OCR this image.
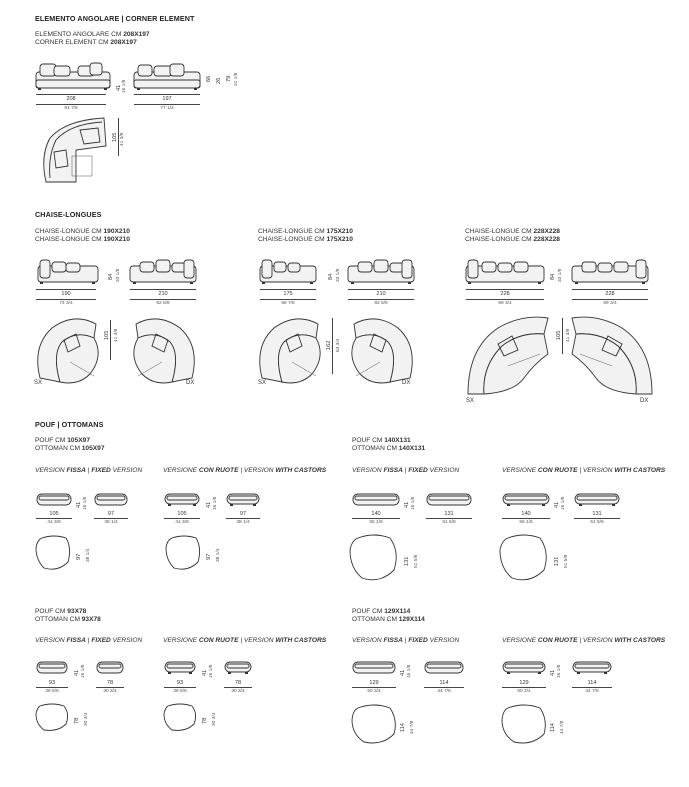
ELEMENTO ANGOLARE | CORNER ELEMENT
ELEMENTO ANGOLARE CM 208X197
CORNER ELEMENT CM 208X197
208
81 7/8
41 16 1/8
197
77 1/2
66 26 79 31 1/8
105 41 3/8
CHAISE-LONGUES
CHAISE-LONGUE CM 190X210
CHAISE-LONGUE CM 190X210
190
74 3/4
84 33 1/8
210
82 5/8
SX
105 41 3/8
DX
CHAISE-LONGUE CM 175X210
CHAISE-LONGUE CM 175X210
175
68 7/8
84 33 1/8
210
82 5/8
SX
162 63 3/4
DX
CHAISE-LONGUE CM 228X228
CHAISE-LONGUE CM 228X228
228
89 3/4
84 33 1/8
228
89 3/4
SX
105 41 3/8
DX
POUF | OTTOMANS
POUF CM 105X97
OTTOMAN CM 105X97
VERSION FISSA | FIXED VERSION	VERSIONE CON RUOTE | VERSION WITH CASTORS
41 16 1/8
105
41 3/8
97
38 1/4
97 38 1/4
41 16 1/8
105
41 3/8
97
38 1/4
97 38 1/4
POUF CM 140X131
OTTOMAN CM 140X131
VERSION FISSA | FIXED VERSION	VERSIONE CON RUOTE | VERSION WITH CASTORS
41 16 1/8
140
55 1/8
131
51 5/8
131 51 5/8
41 16 1/8
140
55 1/8
131
51 5/8
131 51 5/8
POUF CM 93X78
OTTOMAN CM 93X78
VERSION FISSA | FIXED VERSION	VERSIONE CON RUOTE | VERSION WITH CASTORS
41 16 1/8
93
36 5/8
78
30 3/4
78 30 3/4
41 16 1/8
93
36 5/8
78
30 3/4
78 30 3/4
POUF CM 129X114
OTTOMAN CM 129X114
VERSION FISSA | FIXED VERSION	VERSIONE CON RUOTE | VERSION WITH CASTORS
41 16 1/8
129
50 3/4
114
44 7/8
114 44 7/8
41 16 1/8
129
50 3/4
114
44 7/8
114 44 7/8
